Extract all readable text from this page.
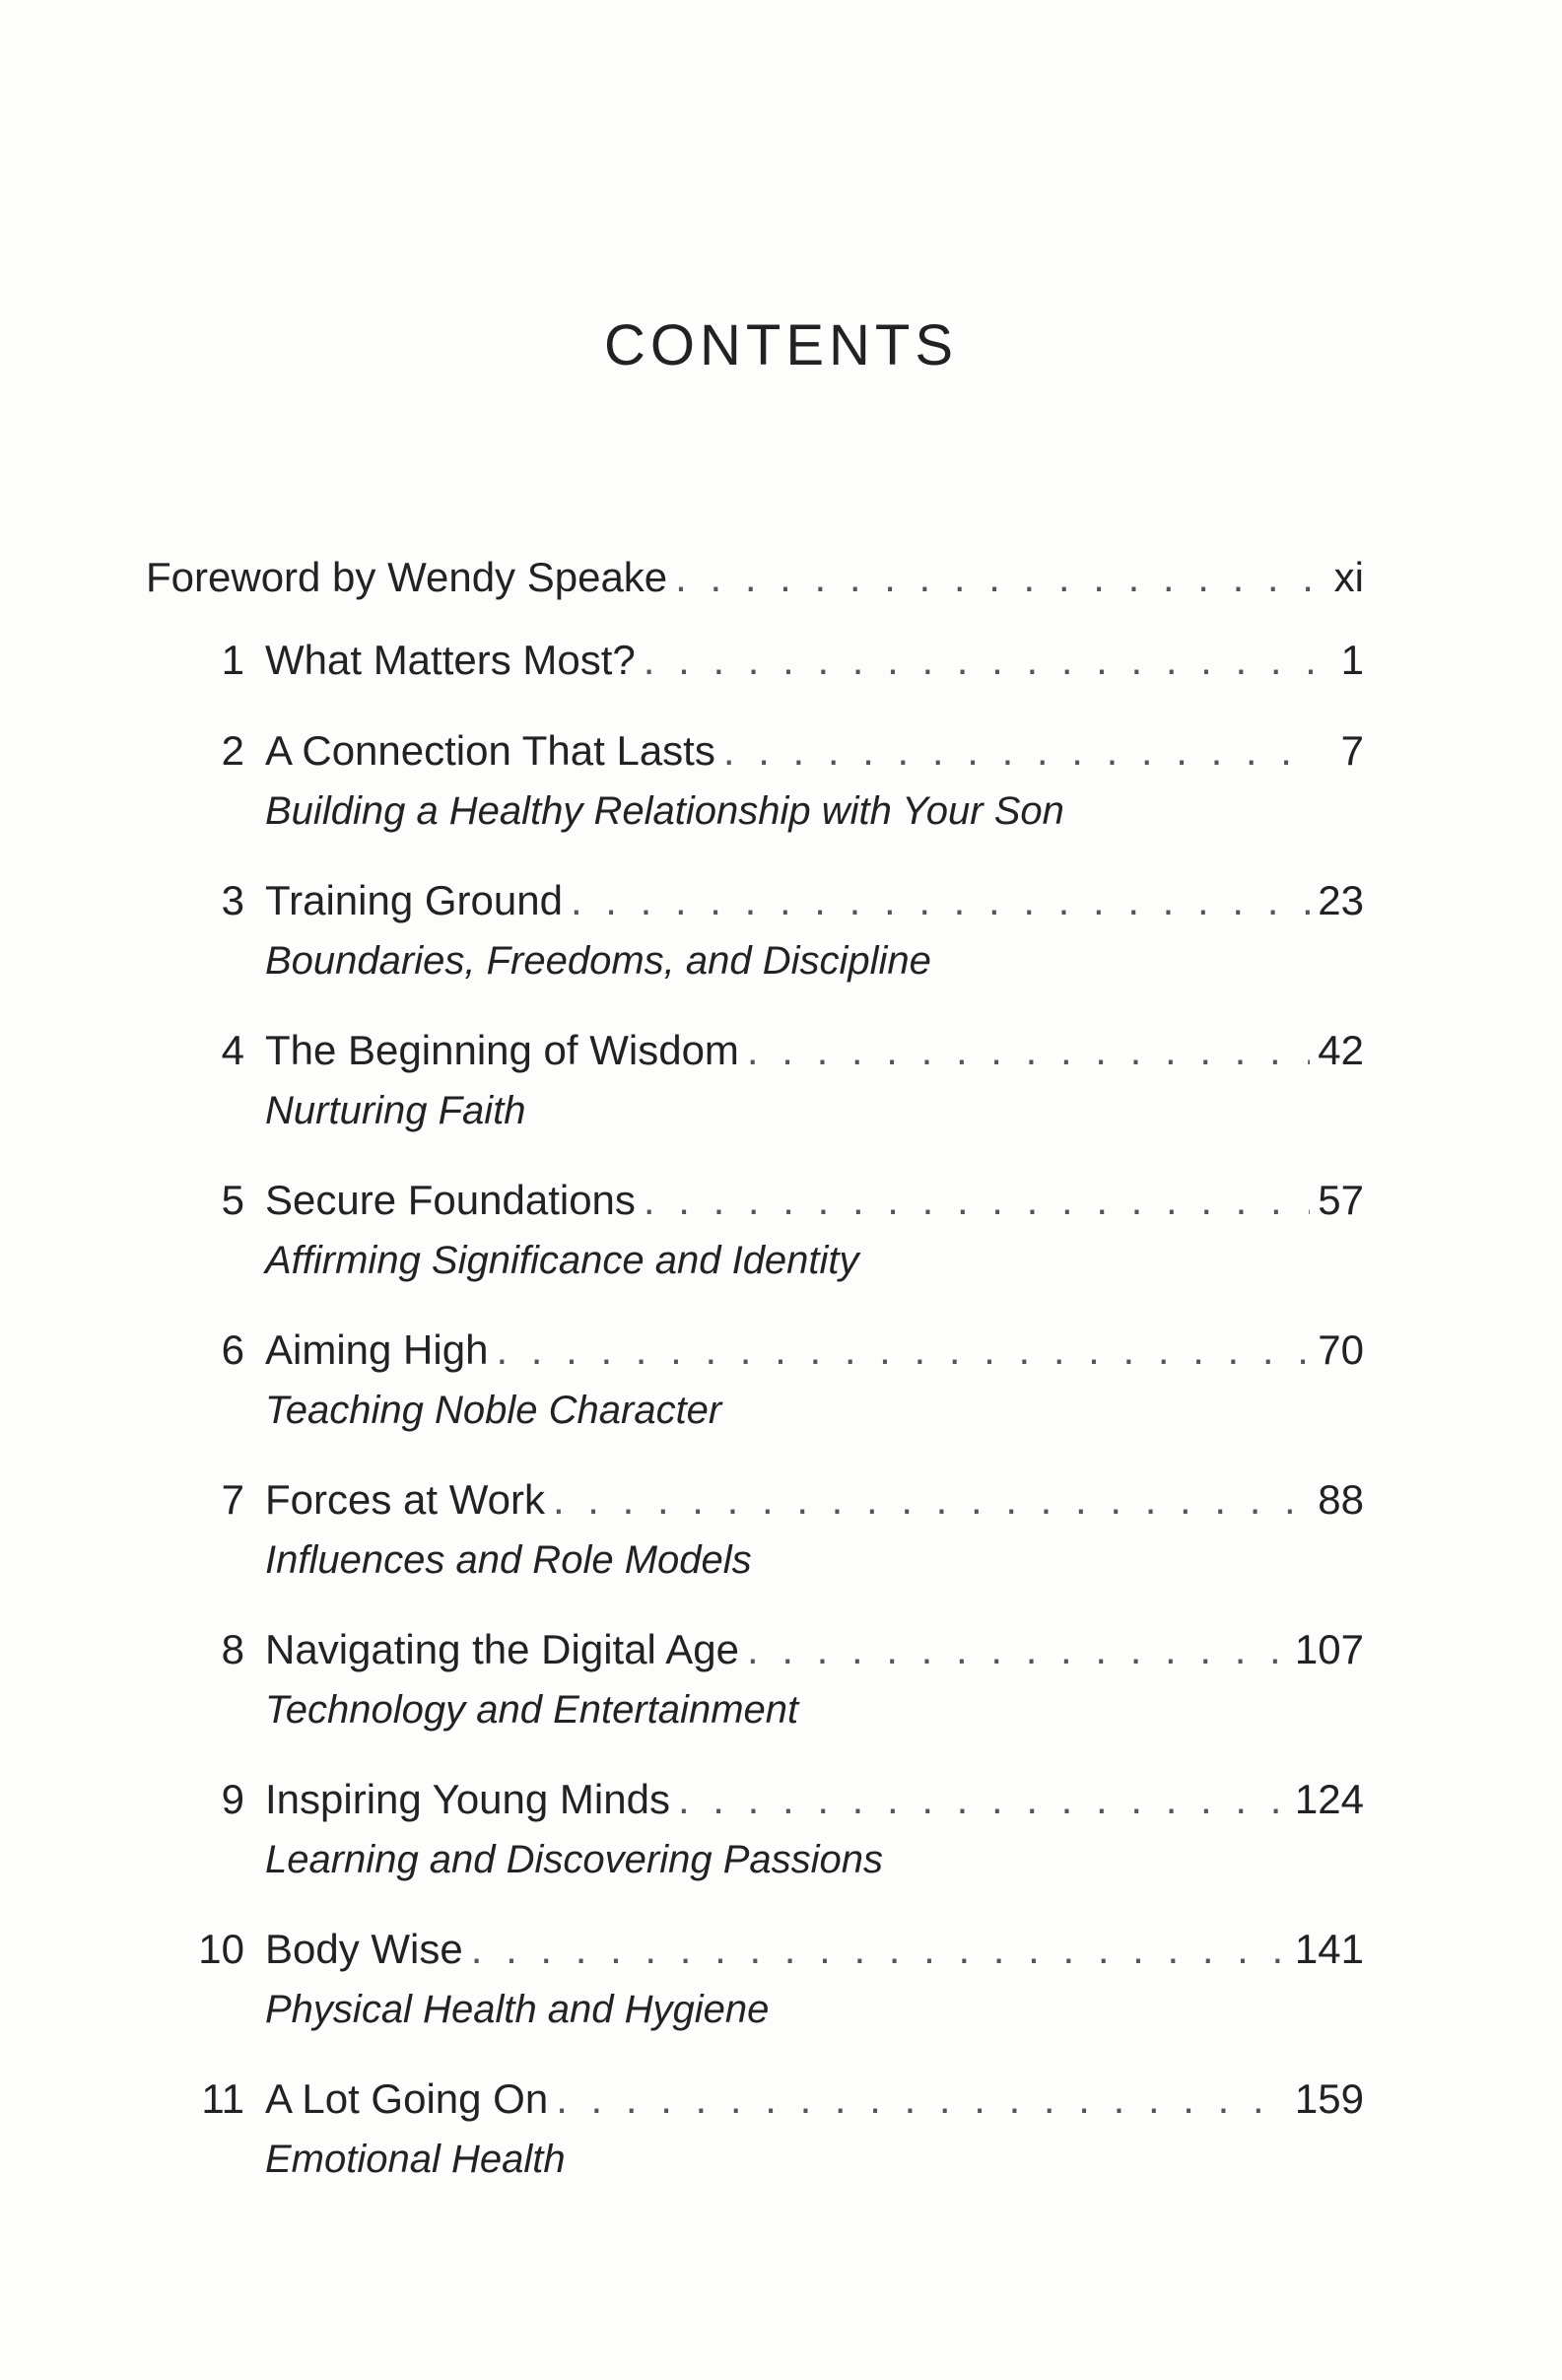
CONTENTS
Foreword by Wendy Speake . . .	xi
1 What Matters Most? . . .	1
2 A Connection That Lasts . . .	7
Building a Healthy Relationship with Your Son
3 Training Ground . . .	23
Boundaries, Freedoms, and Discipline
4 The Beginning of Wisdom . . .	42
Nurturing Faith
5 Secure Foundations . . .	57
Affirming Significance and Identity
6 Aiming High . . .	70
Teaching Noble Character
7 Forces at Work . . .	88
Influences and Role Models
8 Navigating the Digital Age . . .	107
Technology and Entertainment
9 Inspiring Young Minds . . .	124
Learning and Discovering Passions
10 Body Wise . . .	141
Physical Health and Hygiene
11 A Lot Going On . . .	159
Emotional Health
